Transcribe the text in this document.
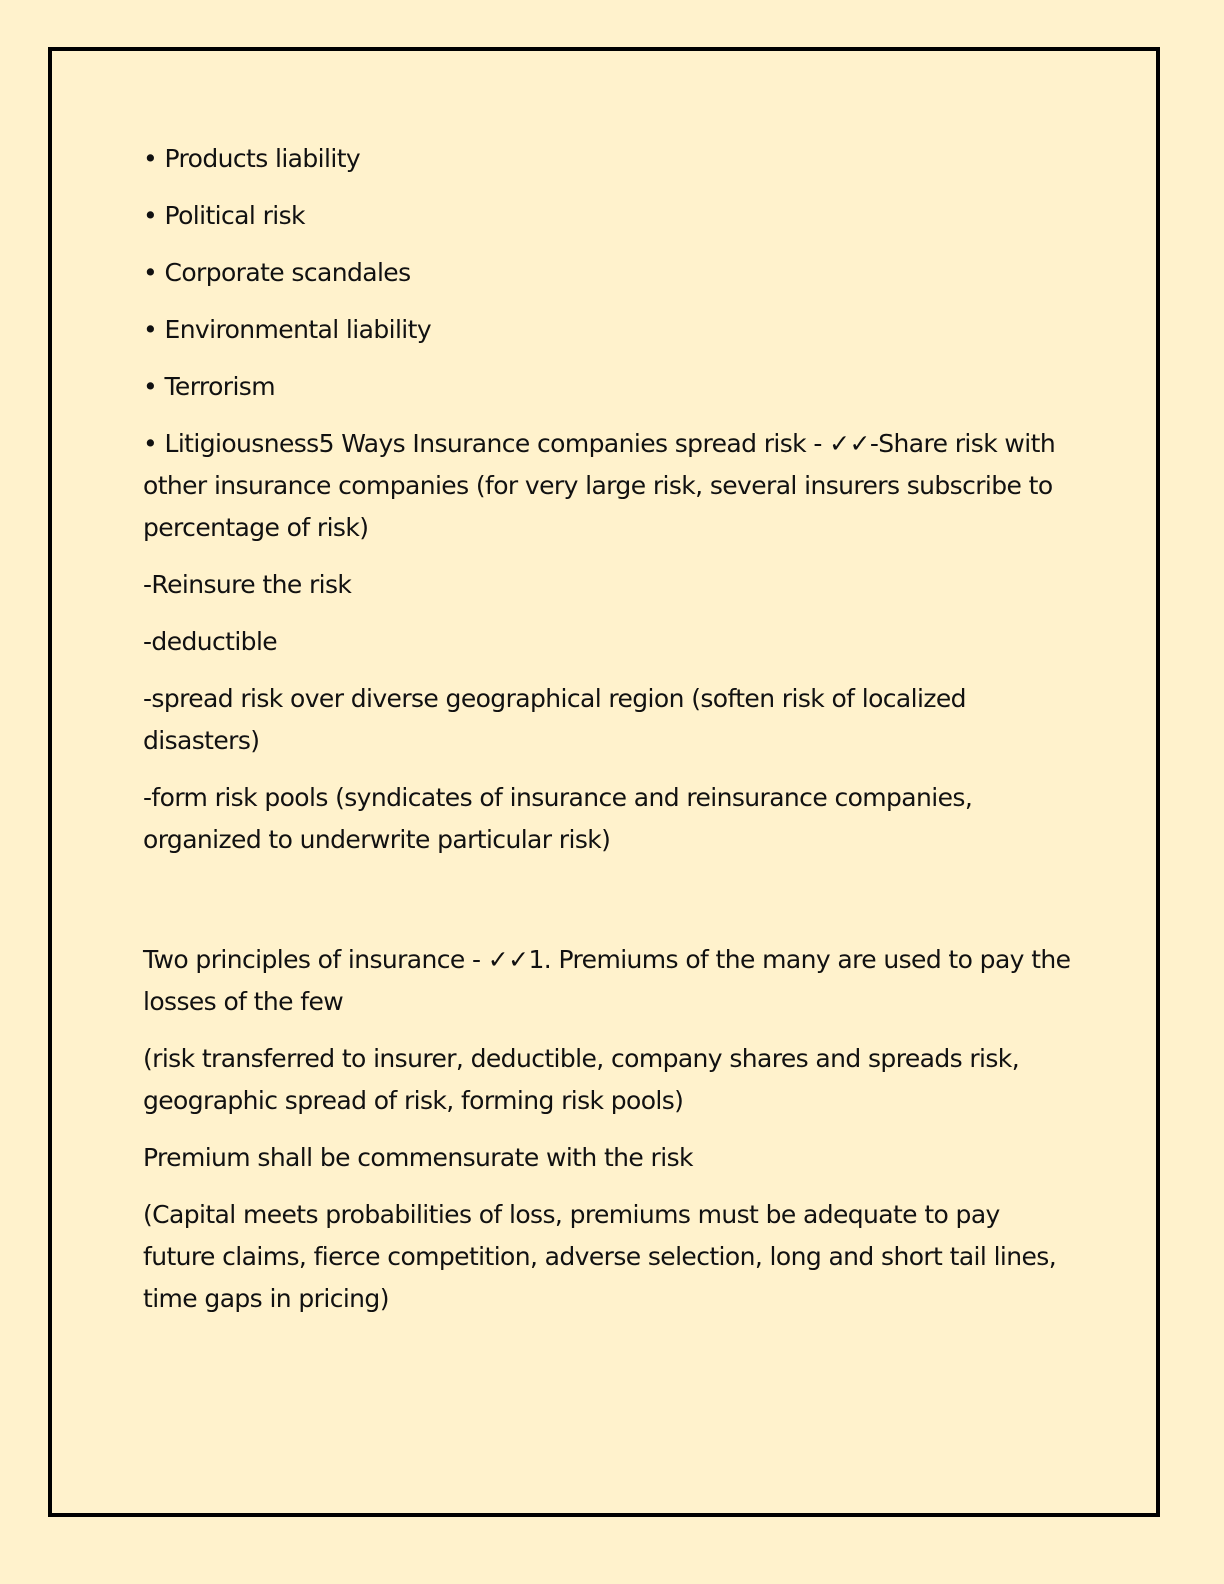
• Products liability

• Political risk

• Corporate scandales

• Environmental liability

• Terrorism

• Litigiousness5 Ways Insurance companies spread risk - ✓✓-Share risk with other insurance companies (for very large risk, several insurers subscribe to percentage of risk)

-Reinsure the risk

-deductible

-spread risk over diverse geographical region (soften risk of localized disasters)

-form risk pools (syndicates of insurance and reinsurance companies, organized to underwrite particular risk)

Two principles of insurance - ✓✓1. Premiums of the many are used to pay the losses of the few

(risk transferred to insurer, deductible, company shares and spreads risk, geographic spread of risk, forming risk pools)

Premium shall be commensurate with the risk

(Capital meets probabilities of loss, premiums must be adequate to pay future claims, fierce competition, adverse selection, long and short tail lines, time gaps in pricing)
